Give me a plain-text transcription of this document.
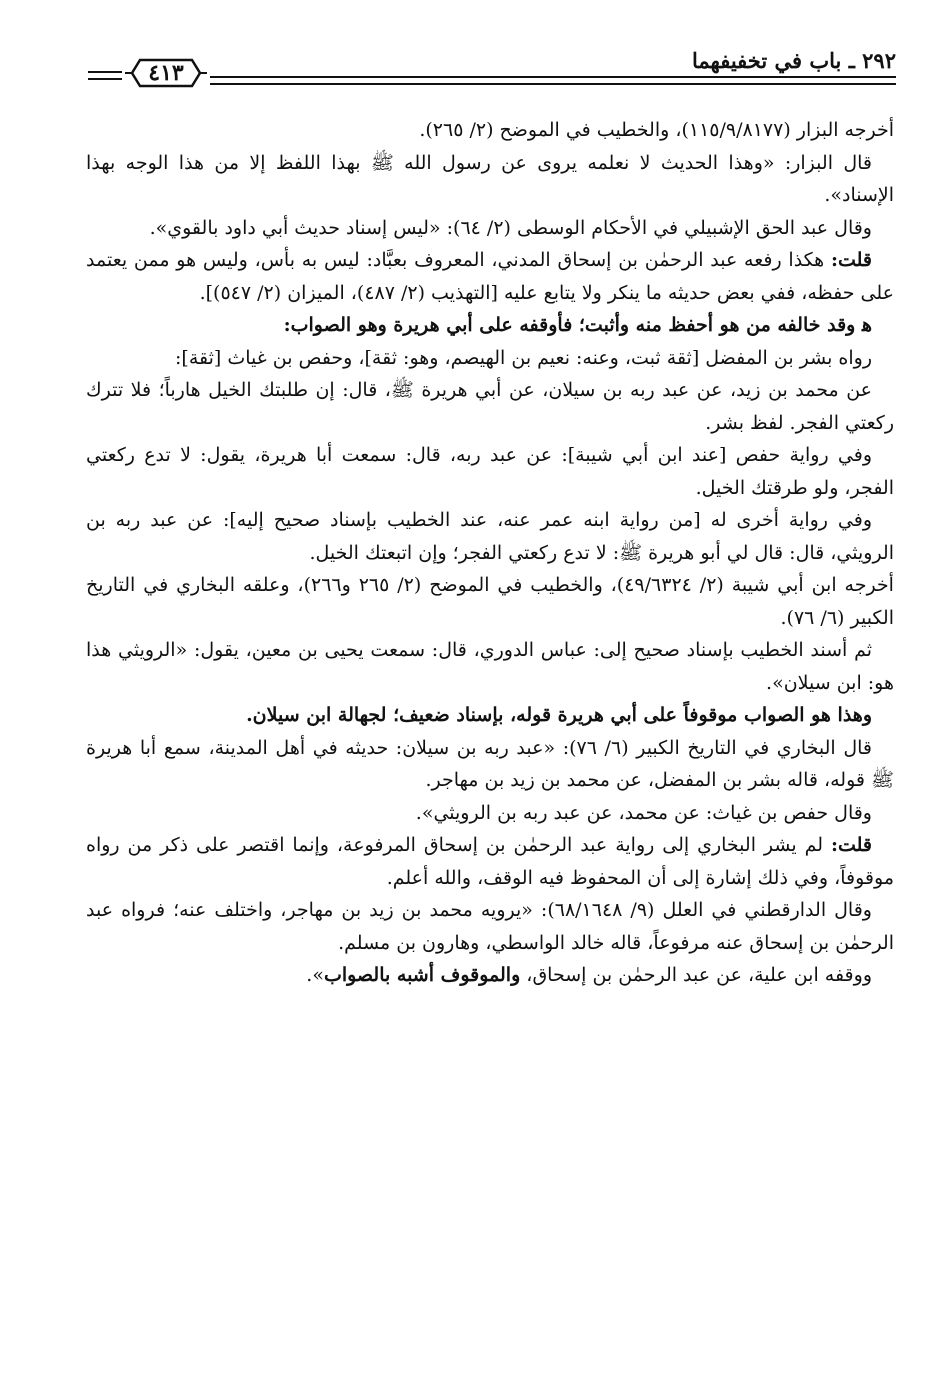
٢٩٢ ـ باب في تخفيفهما
٤١٣

أخرجه البزار (١١٥/٩/٨١٧٧)، والخطيب في الموضح (٢/ ٢٦٥).

قال البزار: «وهذا الحديث لا نعلمه يروى عن رسول الله ﷺ بهذا اللفظ إلا من هذا الوجه بهذا الإسناد».

وقال عبد الحق الإشبيلي في الأحكام الوسطى (٢/ ٦٤): «ليس إسناد حديث أبي داود بالقوي».

قلت: هكذا رفعه عبد الرحمٰن بن إسحاق المدني، المعروف بعبَّاد: ليس به بأس، وليس هو ممن يعتمد على حفظه، ففي بعض حديثه ما ينكر ولا يتابع عليه [التهذيب (٢/ ٤٨٧)، الميزان (٢/ ٥٤٧)].

ﻫ وقد خالفه من هو أحفظ منه وأثبت؛ فأوقفه على أبي هريرة وهو الصواب:

رواه بشر بن المفضل [ثقة ثبت، وعنه: نعيم بن الهيصم، وهو: ثقة]، وحفص بن غياث [ثقة]:

عن محمد بن زيد، عن عبد ربه بن سيلان، عن أبي هريرة ﷺ، قال: إن طلبتك الخيل هارباً؛ فلا تترك ركعتي الفجر. لفظ بشر.

وفي رواية حفص [عند ابن أبي شيبة]: عن عبد ربه، قال: سمعت أبا هريرة، يقول: لا تدع ركعتي الفجر، ولو طرقتك الخيل.

وفي رواية أخرى له [من رواية ابنه عمر عنه، عند الخطيب بإسناد صحيح إليه]: عن عبد ربه بن الرويثي، قال: قال لي أبو هريرة ﷺ: لا تدع ركعتي الفجر؛ وإن اتبعتك الخيل.

أخرجه ابن أبي شيبة (٢/ ٤٩/٦٣٢٤)، والخطيب في الموضح (٢/ ٢٦٥ و٢٦٦)، وعلقه البخاري في التاريخ الكبير (٦/ ٧٦).

ثم أسند الخطيب بإسناد صحيح إلى: عباس الدوري، قال: سمعت يحيى بن معين، يقول: «الرويثي هذا هو: ابن سيلان».

وهذا هو الصواب موقوفاً على أبي هريرة قوله، بإسناد ضعيف؛ لجهالة ابن سيلان.

قال البخاري في التاريخ الكبير (٦/ ٧٦): «عبد ربه بن سيلان: حديثه في أهل المدينة، سمع أبا هريرة ﷺ قوله، قاله بشر بن المفضل، عن محمد بن زيد بن مهاجر.

وقال حفص بن غياث: عن محمد، عن عبد ربه بن الرويثي».

قلت: لم يشر البخاري إلى رواية عبد الرحمٰن بن إسحاق المرفوعة، وإنما اقتصر على ذكر من رواه موقوفاً، وفي ذلك إشارة إلى أن المحفوظ فيه الوقف، والله أعلم.

وقال الدارقطني في العلل (٩/ ٦٨/١٦٤٨): «يرويه محمد بن زيد بن مهاجر، واختلف عنه؛ فرواه عبد الرحمٰن بن إسحاق عنه مرفوعاً، قاله خالد الواسطي، وهارون بن مسلم.

ووقفه ابن علية، عن عبد الرحمٰن بن إسحاق، والموقوف أشبه بالصواب».
